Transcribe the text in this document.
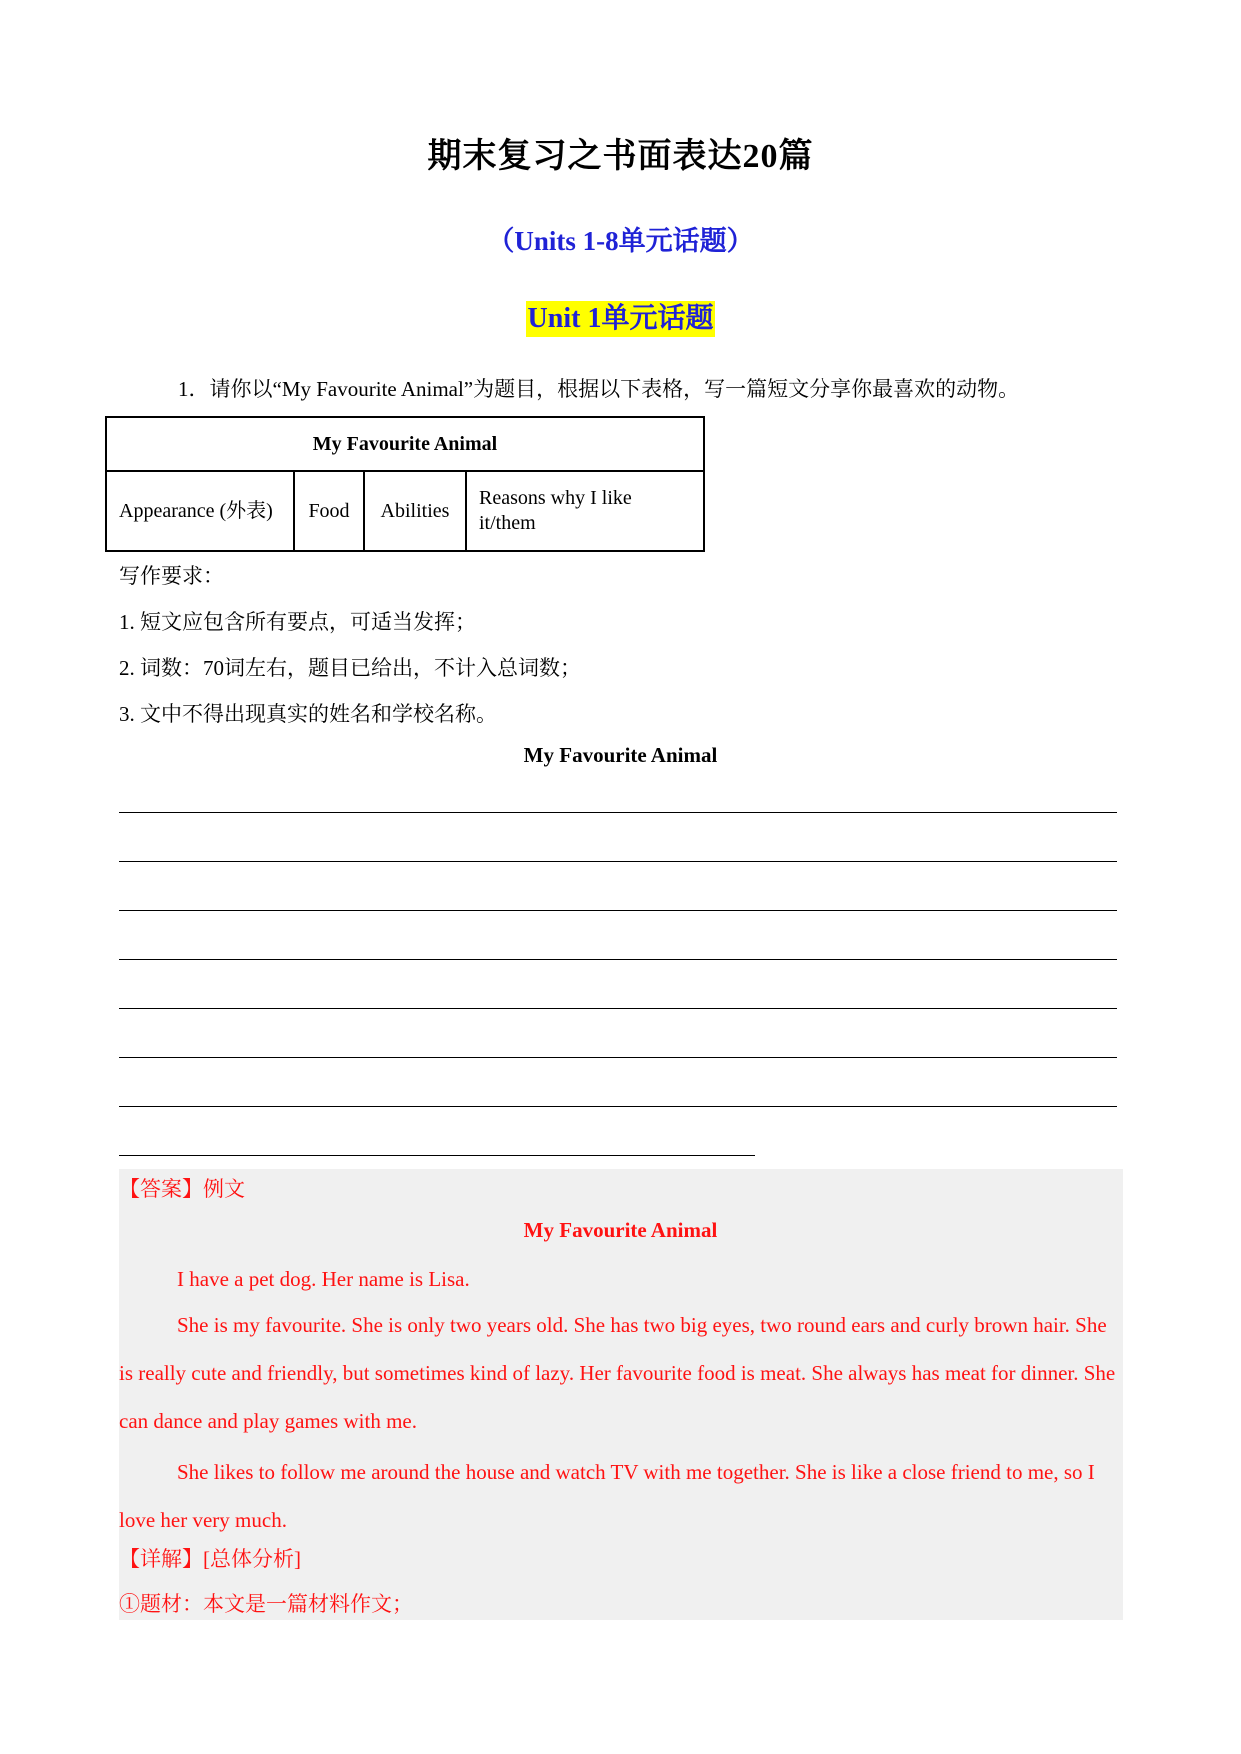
期末复习之书面表达20篇
（Units 1-8单元话题）
Unit 1单元话题
1．请你以“My Favourite Animal”为题目，根据以下表格，写一篇短文分享你最喜欢的动物。
My Favourite Animal
Appearance (外表)	Food	Abilities	Reasons why I like it/them
写作要求：
1. 短文应包含所有要点，可适当发挥；
2. 词数：70词左右，题目已给出，不计入总词数；
3. 文中不得出现真实的姓名和学校名称。
My Favourite Animal
【答案】例文
My Favourite Animal

I have a pet dog. Her name is Lisa.

She is my favourite. She is only two years old. She has two big eyes, two round ears and curly brown hair. She is really cute and friendly, but sometimes kind of lazy. Her favourite food is meat. She always has meat for dinner. She can dance and play games with me.

She likes to follow me around the house and watch TV with me together. She is like a close friend to me, so I love her very much.

【详解】[总体分析]
①题材：本文是一篇材料作文；
